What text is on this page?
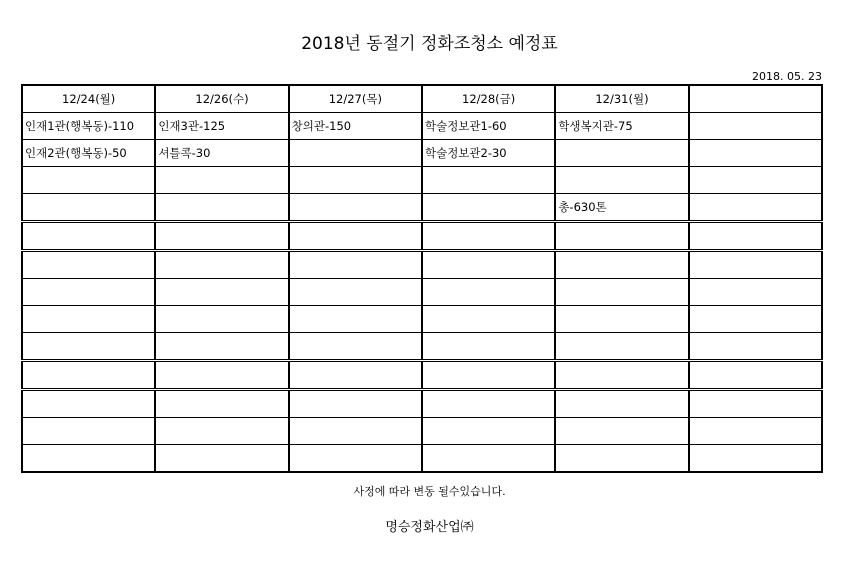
2018년 동절기 정화조청소 예정표
2018. 05. 23
12/24(월)	12/26(수)	12/27(목)	12/28(금)	12/31(월)	
인재1관(행복동)-110	인재3관-125	창의관-150	학술정보관1-60	학생복지관-75	
인재2관(행복동)-50	셔틀콕-30		학술정보관2-30		

				총-630톤	

사정에 따라 변동 될수있습니다.
명승정화산업㈜
